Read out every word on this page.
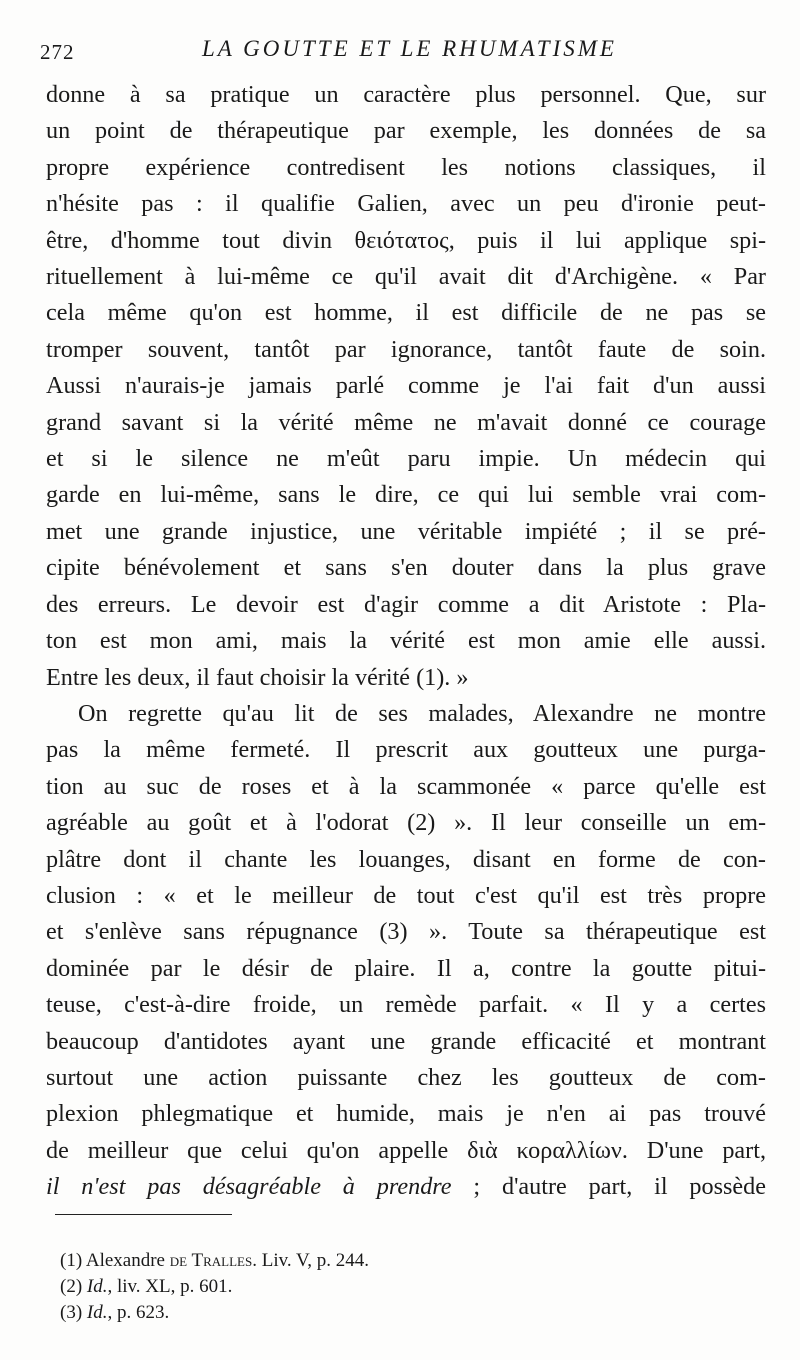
272	LA GOUTTE ET LE RHUMATISME
donne à sa pratique un caractère plus personnel. Que, sur
un point de thérapeutique par exemple, les données de sa
propre expérience contredisent les notions classiques, il
n'hésite pas : il qualifie Galien, avec un peu d'ironie peut-
être, d'homme tout divin θειότατος, puis il lui applique spi-
rituellement à lui-même ce qu'il avait dit d'Archigène. « Par
cela même qu'on est homme, il est difficile de ne pas se
tromper souvent, tantôt par ignorance, tantôt faute de soin.
Aussi n'aurais-je jamais parlé comme je l'ai fait d'un aussi
grand savant si la vérité même ne m'avait donné ce courage
et si le silence ne m'eût paru impie. Un médecin qui
garde en lui-même, sans le dire, ce qui lui semble vrai com-
met une grande injustice, une véritable impiété ; il se pré-
cipite bénévolement et sans s'en douter dans la plus grave
des erreurs. Le devoir est d'agir comme a dit Aristote : Pla-
ton est mon ami, mais la vérité est mon amie elle aussi.
Entre les deux, il faut choisir la vérité (1). »
On regrette qu'au lit de ses malades, Alexandre ne montre
pas la même fermeté. Il prescrit aux goutteux une purga-
tion au suc de roses et à la scammonée « parce qu'elle est
agréable au goût et à l'odorat (2) ». Il leur conseille un em-
plâtre dont il chante les louanges, disant en forme de con-
clusion : « et le meilleur de tout c'est qu'il est très propre
et s'enlève sans répugnance (3) ». Toute sa thérapeutique est
dominée par le désir de plaire. Il a, contre la goutte pitui-
teuse, c'est-à-dire froide, un remède parfait. « Il y a certes
beaucoup d'antidotes ayant une grande efficacité et montrant
surtout une action puissante chez les goutteux de com-
plexion phlegmatique et humide, mais je n'en ai pas trouvé
de meilleur que celui qu'on appelle διὰ κοραλλίων. D'une part,
il n'est pas désagréable à prendre ; d'autre part, il possède
(1) Alexandre de Tralles. Liv. V, p. 244.
(2) Id., liv. XL, p. 601.
(3) Id., p. 623.
